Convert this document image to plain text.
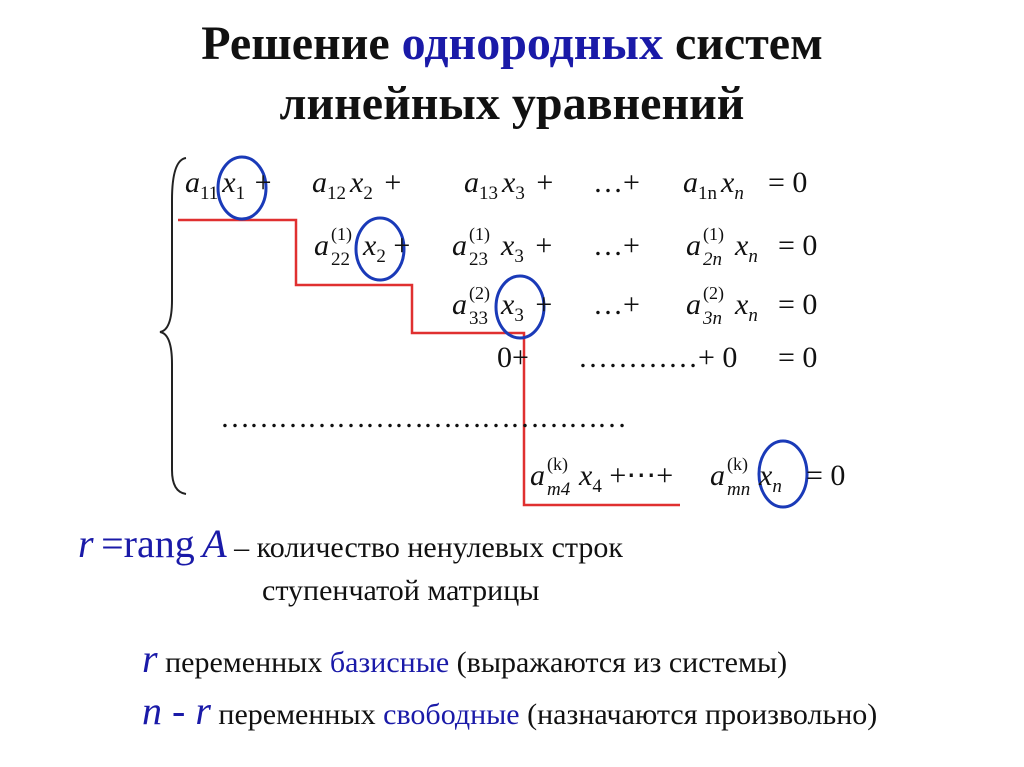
Решение однородных систем
линейных уравнений
$a_{11}$ $x_1 + a_{12}$ $x_2 + a_{13}$ $x_3$ + …+ $a_{1n}$ $x_n = 0$
a (1)
22 $x_2 + a$ (1)
23 $x_3$ + …+ a (1)
2n $x_n = 0$
a (2)
33 $x_3$ + …+ a (2)
3n $x_n = 0$
0+ …………+ 0 = 0
……………………………………
a (k)
m4 $x_4$ +⋯+ a (k)
mn $x_n = 0$
r =rang A – количество ненулевых строк
ступенчатой матрицы
r переменных базисные (выражаются из системы)
n - r переменных свободные (назначаются произвольно)
